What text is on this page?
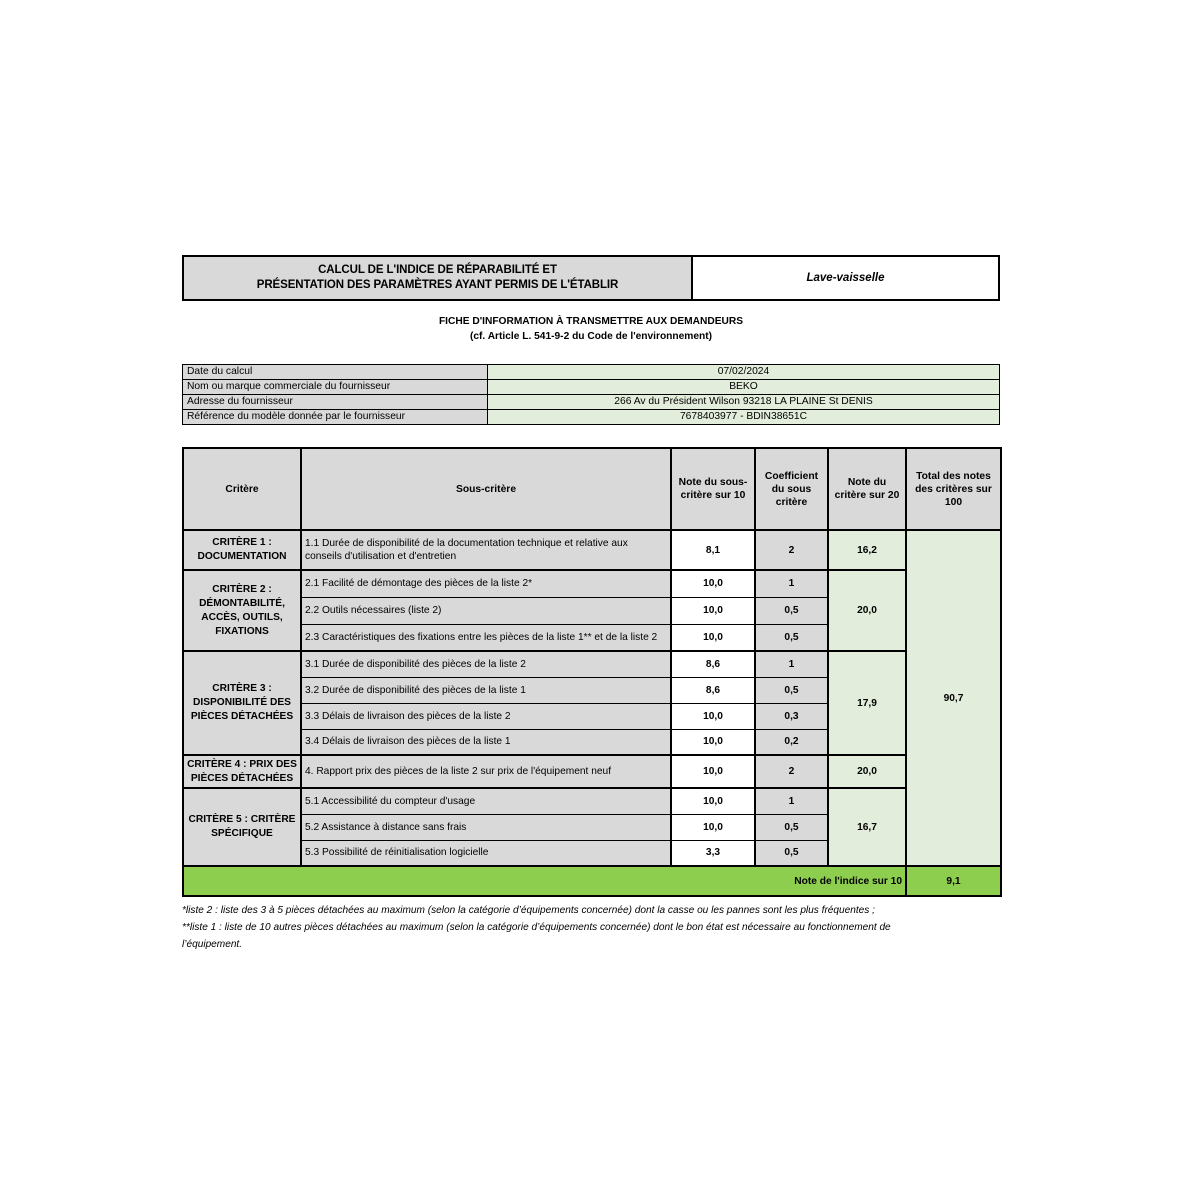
CALCUL DE L'INDICE DE RÉPARABILITÉ ET
PRÉSENTATION DES PARAMÈTRES AYANT PERMIS DE L'ÉTABLIR
Lave-vaisselle
FICHE D'INFORMATION À TRANSMETTRE AUX DEMANDEURS
(cf. Article L. 541-9-2 du Code de l'environnement)
Date du calcul	07/02/2024
Nom ou marque commerciale du fournisseur	BEKO
Adresse du fournisseur	266 Av du Président Wilson 93218 LA PLAINE St DENIS
Référence du modèle donnée par le fournisseur	7678403977 - BDIN38651C
Critère	Sous-critère	Note du sous-critère sur 10	Coefficient du sous critère	Note du critère sur 20	Total des notes des critères sur 100
CRITÈRE 1 : DOCUMENTATION	1.1 Durée de disponibilité de la documentation technique et relative aux conseils d'utilisation et d'entretien	8,1	2	16,2	90,7
CRITÈRE 2 : DÉMONTABILITÉ, ACCÈS, OUTILS, FIXATIONS	2.1 Facilité de démontage des pièces de la liste 2*	10,0	1	20,0	
	2.2 Outils nécessaires (liste 2)	10,0	0,5		
	2.3 Caractéristiques des fixations entre les pièces de la liste 1** et de la liste 2	10,0	0,5		
CRITÈRE 3 : DISPONIBILITÉ DES PIÈCES DÉTACHÉES	3.1 Durée de disponibilité des pièces de la liste 2	8,6	1	17,9	
	3.2 Durée de disponibilité des pièces de la liste 1	8,6	0,5		
	3.3 Délais de livraison des pièces de la liste 2	10,0	0,3		
	3.4 Délais de livraison des pièces de la liste 1	10,0	0,2		
CRITÈRE 4 : PRIX DES PIÈCES DÉTACHÉES	4. Rapport prix des pièces de la liste 2 sur prix de l'équipement neuf	10,0	2	20,0	
CRITÈRE 5 : CRITÈRE SPÉCIFIQUE	5.1 Accessibilité du compteur d'usage	10,0	1	16,7	
	5.2 Assistance à distance sans frais	10,0	0,5		
	5.3 Possibilité de réinitialisation logicielle	3,3	0,5		
Note de l'indice sur 10					9,1
*liste 2 : liste des 3 à 5 pièces détachées au maximum (selon la catégorie d’équipements concernée) dont la casse ou les pannes sont les plus fréquentes ;
**liste 1 : liste de 10 autres pièces détachées au maximum (selon la catégorie d’équipements concernée) dont le bon état est nécessaire au fonctionnement de
l’équipement.
